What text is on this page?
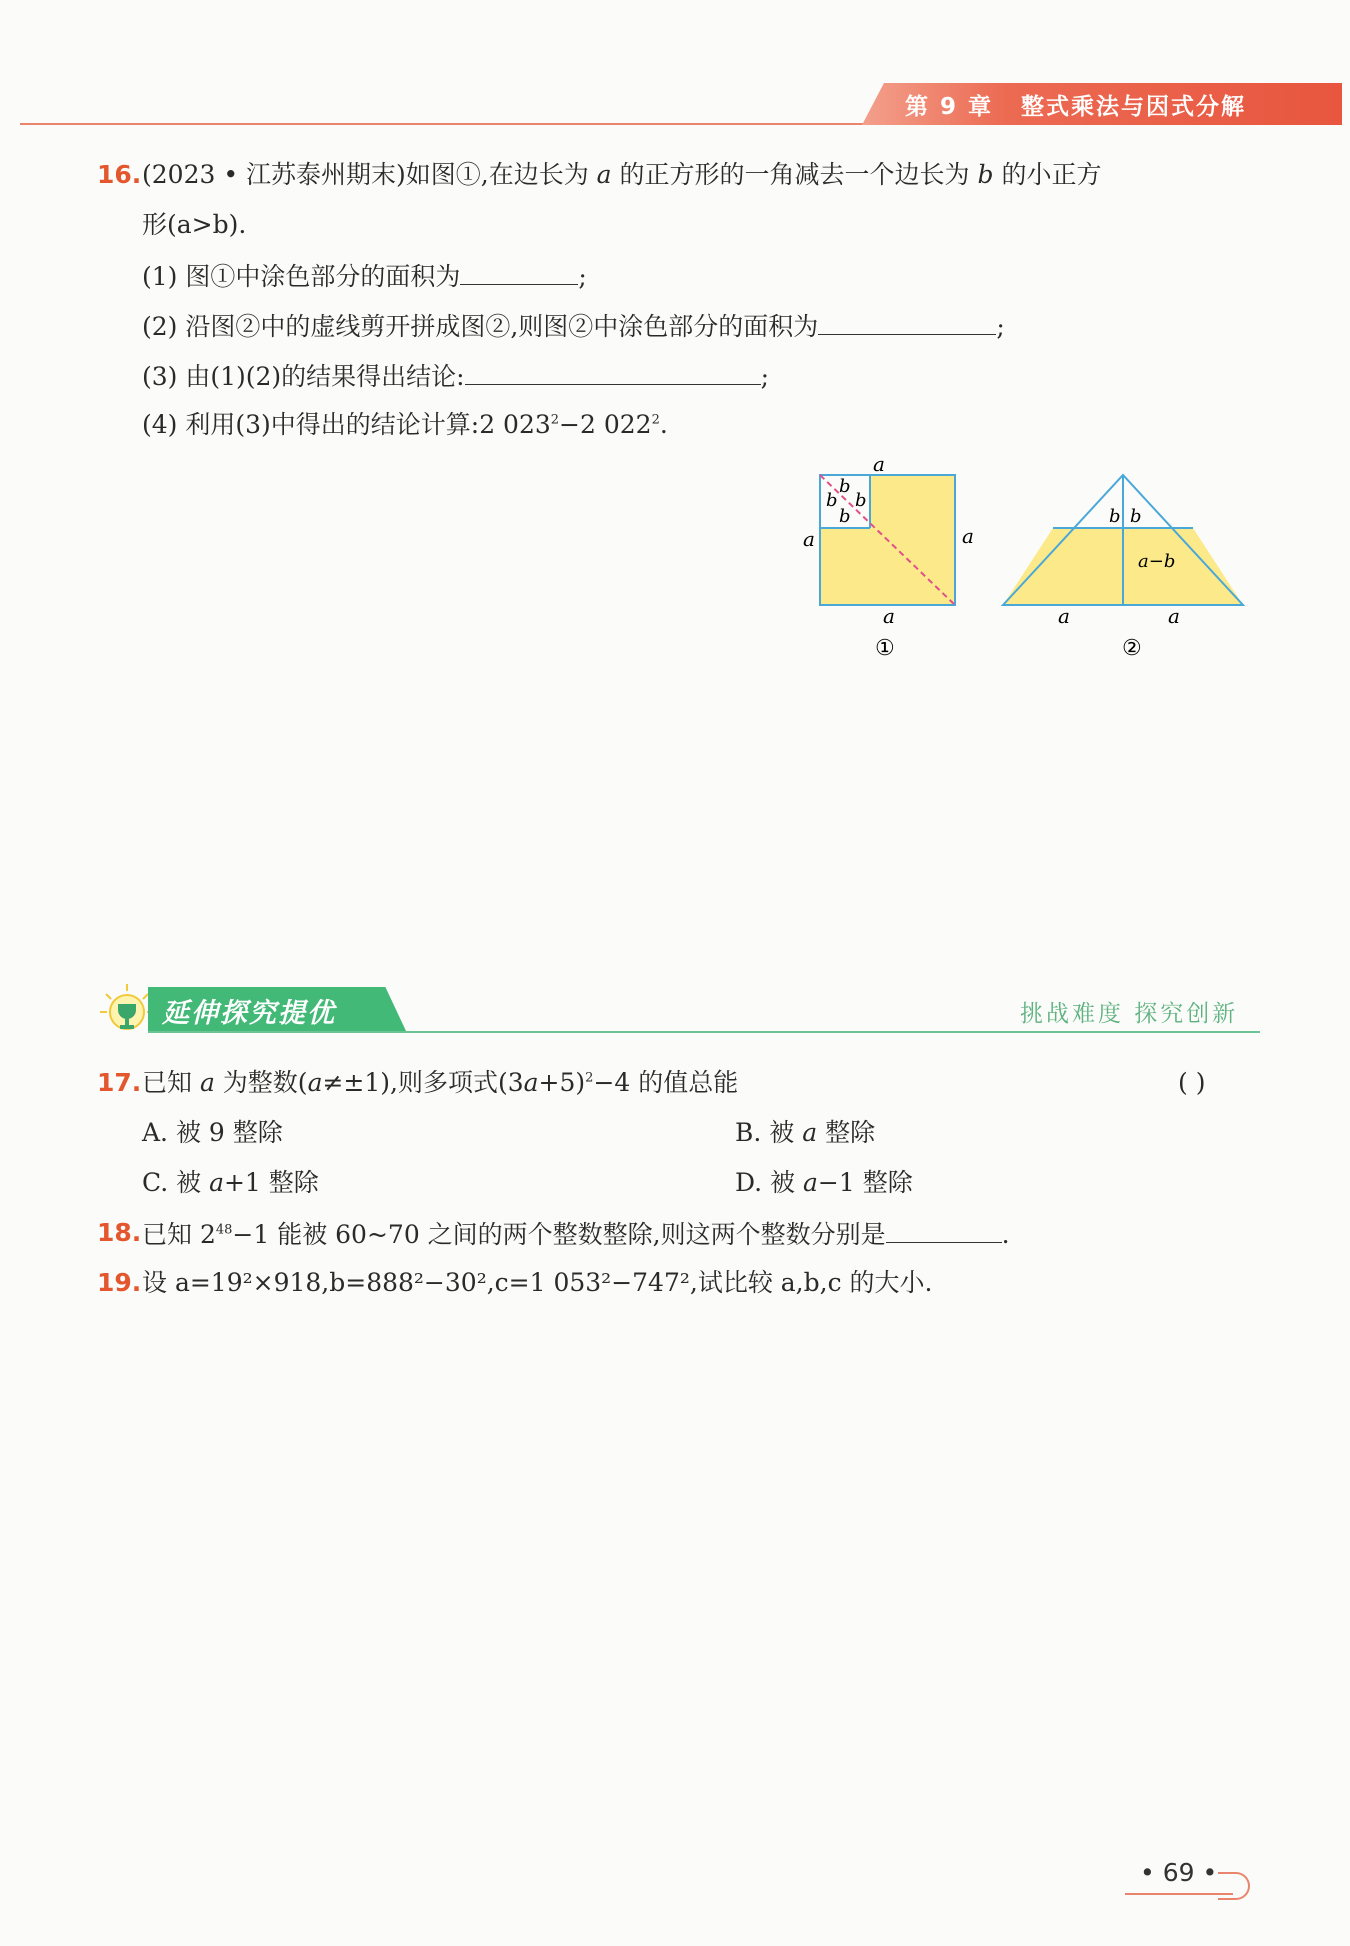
第 9 章 整式乘法与因式分解
16. (2023 • 江苏泰州期末)如图①,在边长为 a 的正方形的一角减去一个边长为 b 的小正方
形(a>b).
(1) 图①中涂色部分的面积为	;
(2) 沿图②中的虚线剪开拼成图②,则图②中涂色部分的面积为	;
(3) 由(1)(2)的结果得出结论:	;
(4) 利用(3)中得出的结论计算:2 $023^2-2$ $022^2$.
a
b
b b
b
a	a
a
①
b b
a−b
a	a
②
延伸探究提优	挑战难度 探究创新
17. 已知 a 为整数(a≠±1),则多项式$(3a+5)^2-4$ 的值总能	( )
A. 被 9 整除	B. 被 a 整除
C. 被 a+1 整除	D. 被 a−1 整除
18. 已知 $2^{48}-1$ 能被 60~70 之间的两个整数整除,则这两个整数分别是	.
19. 设 a=19²×918,b=888²−30²,c=1 053²−747²,试比较 a,b,c 的大小.
• 69 •
